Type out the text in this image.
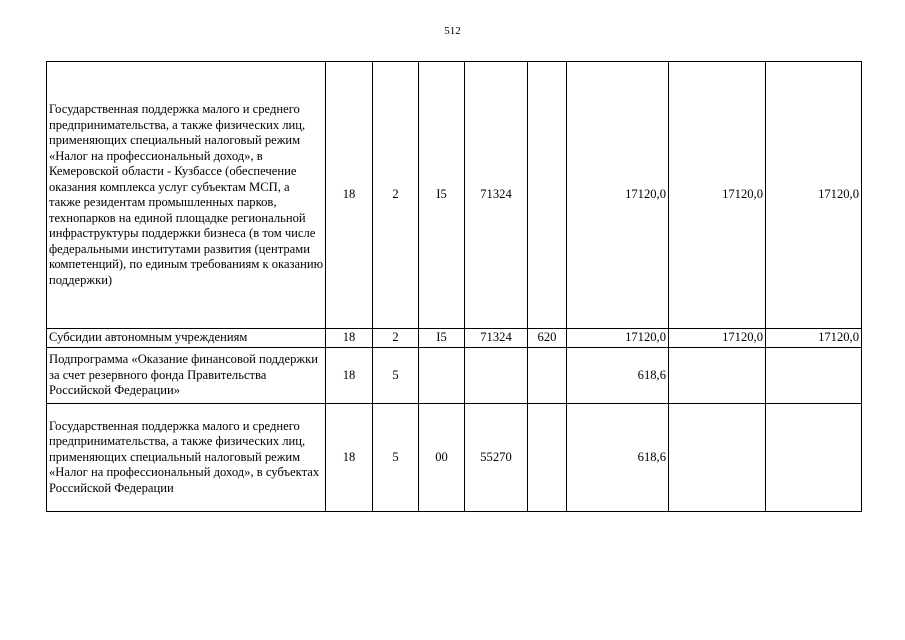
512
Государственная поддержка малого и среднего предпринимательства, а также физических лиц, применяющих специальный налоговый режим «Налог на профессиональный доход», в Кемеровской области - Кузбассе (обеспечение оказания комплекса услуг субъектам МСП, а также резидентам промышленных парков, технопарков на единой площадке региональной инфраструктуры поддержки бизнеса (в том числе федеральными институтами развития (центрами компетенций), по единым требованиям к оказанию поддержки)	18	2	I5	71324		17120,0	17120,0	17120,0
Субсидии автономным учреждениям	18	2	I5	71324	620	17120,0	17120,0	17120,0
Подпрограмма «Оказание финансовой поддержки за счет резервного фонда Правительства Российской Федерации»	18	5				618,6		
Государственная поддержка малого и среднего предпринимательства, а также физических лиц, применяющих специальный налоговый режим «Налог на профессиональный доход», в субъектах Российской Федерации	18	5	00	55270		618,6		
